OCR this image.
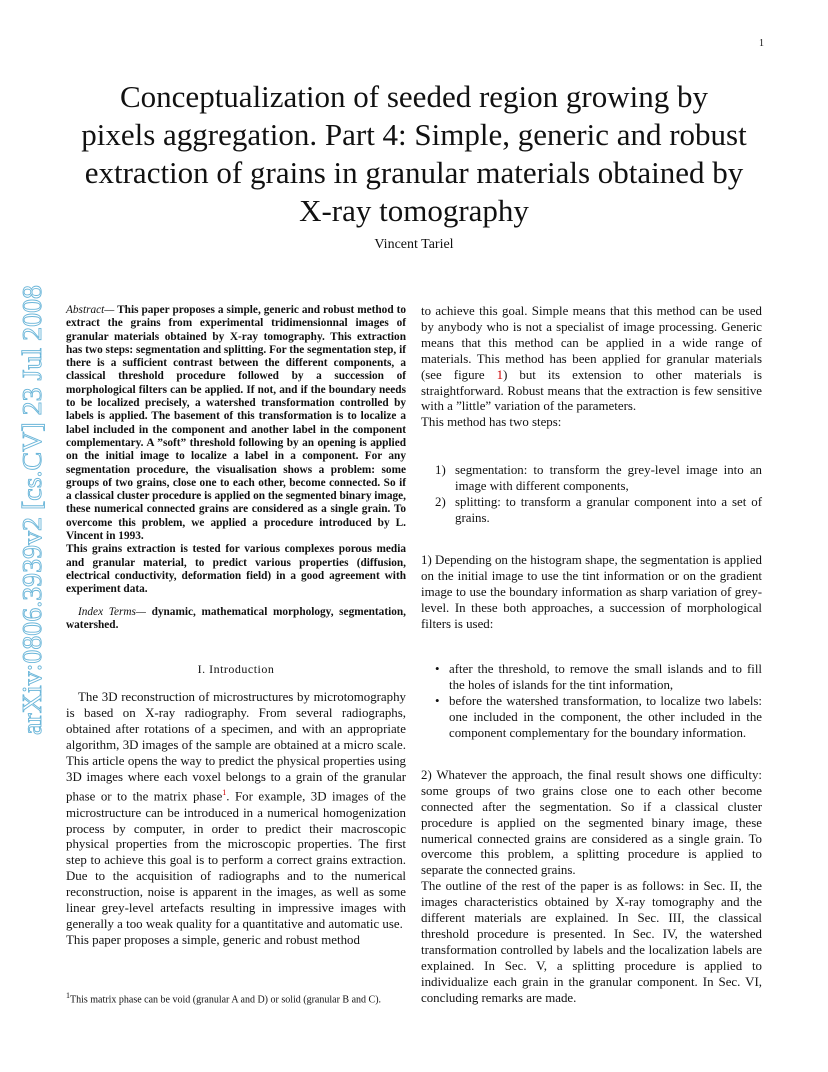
1
arXiv:0806.3939v2 [cs.CV] 23 Jul 2008
Conceptualization of seeded region growing by pixels aggregation. Part 4: Simple, generic and robust extraction of grains in granular materials obtained by X-ray tomography
Vincent Tariel
Abstract— This paper proposes a simple, generic and robust method to extract the grains from experimental tridimensionnal images of granular materials obtained by X-ray tomography. This extraction has two steps: segmentation and splitting. For the segmentation step, if there is a sufficient contrast between the different components, a classical threshold procedure followed by a succession of morphological filters can be applied. If not, and if the boundary needs to be localized precisely, a watershed transformation controlled by labels is applied. The basement of this transformation is to localize a label included in the component and another label in the component complementary. A ”soft” threshold following by an opening is applied on the initial image to localize a label in a component. For any segmentation procedure, the visualisation shows a problem: some groups of two grains, close one to each other, become connected. So if a classical cluster procedure is applied on the segmented binary image, these numerical connected grains are considered as a single grain. To overcome this problem, we applied a procedure introduced by L. Vincent in 1993.
This grains extraction is tested for various complexes porous media and granular material, to predict various properties (diffusion, electrical conductivity, deformation field) in a good agreement with experiment data.
Index Terms— dynamic, mathematical morphology, segmentation, watershed.
I. Introduction
The 3D reconstruction of microstructures by microtomography is based on X-ray radiography. From several radiographs, obtained after rotations of a specimen, and with an appropriate algorithm, 3D images of the sample are obtained at a micro scale. This article opens the way to predict the physical properties using 3D images where each voxel belongs to a grain of the granular phase or to the matrix phase$^1$. For example, 3D images of the microstructure can be introduced in a numerical homogenization process by computer, in order to predict their macroscopic physical properties from the microscopic properties. The first step to achieve this goal is to perform a correct grains extraction. Due to the acquisition of radiographs and to the numerical reconstruction, noise is apparent in the images, as well as some linear grey-level artefacts resulting in impressive images with generally a too weak quality for a quantitative and automatic use.
This paper proposes a simple, generic and robust method
$^1$This matrix phase can be void (granular A and D) or solid (granular B and C).
to achieve this goal. Simple means that this method can be used by anybody who is not a specialist of image processing. Generic means that this method can be applied in a wide range of materials. This method has been applied for granular materials (see figure 1) but its extension to other materials is straightforward. Robust means that the extraction is few sensitive with a ”little” variation of the parameters.
This method has two steps:
1) segmentation: to transform the grey-level image into an image with different components,
2) splitting: to transform a granular component into a set of grains.
1) Depending on the histogram shape, the segmentation is applied on the initial image to use the tint information or on the gradient image to use the boundary information as sharp variation of grey-level. In these both approaches, a succession of morphological filters is used:
• after the threshold, to remove the small islands and to fill the holes of islands for the tint information,
• before the watershed transformation, to localize two labels: one included in the component, the other included in the component complementary for the boundary information.
2) Whatever the approach, the final result shows one difficulty: some groups of two grains close one to each other become connected after the segmentation. So if a classical cluster procedure is applied on the segmented binary image, these numerical connected grains are considered as a single grain. To overcome this problem, a splitting procedure is applied to separate the connected grains.
The outline of the rest of the paper is as follows: in Sec. II, the images characteristics obtained by X-ray tomography and the different materials are explained. In Sec. III, the classical threshold procedure is presented. In Sec. IV, the watershed transformation controlled by labels and the localization labels are explained. In Sec. V, a splitting procedure is applied to individualize each grain in the granular component. In Sec. VI, concluding remarks are made.
